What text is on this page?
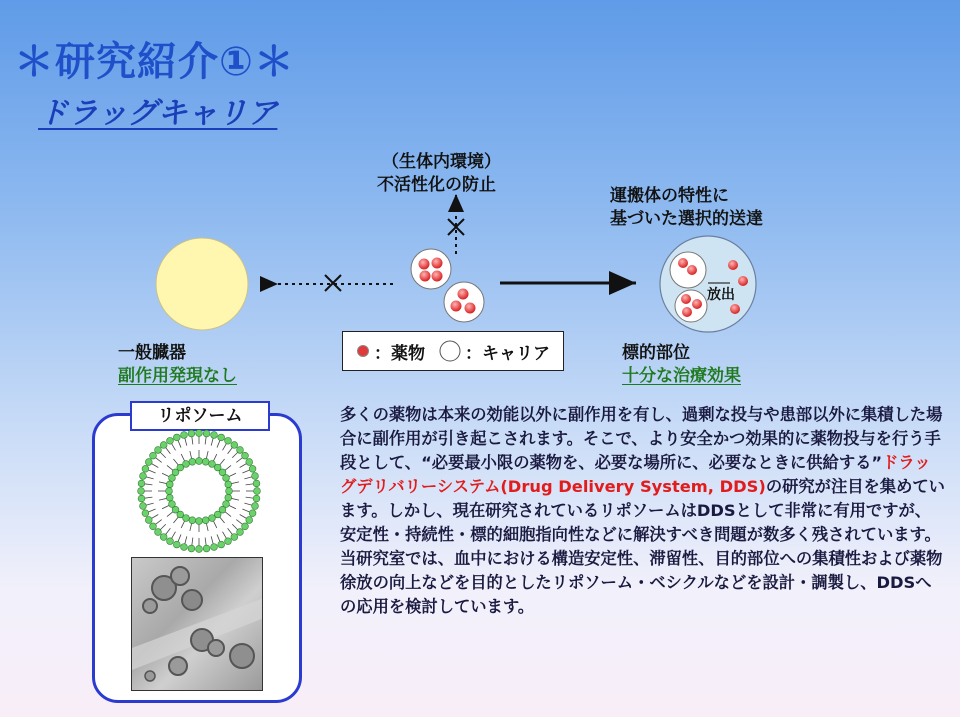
＊研究紹介①＊
ドラッグキャリア
（生体内環境）
不活性化の防止
運搬体の特性に
基づいた選択的送達
放出
一般臓器
副作用発現なし
標的部位
十分な治療効果
：薬物 ：キャリア
リポソーム	多くの薬物は本来の効能以外に副作用を有し、過剰な投与や患部以外に集積した場合に副作用が引き起こされます。そこで、より安全かつ効果的に薬物投与を行う手段として、“必要最小限の薬物を、必要な場所に、必要なときに供給する”ドラッグデリバリーシステム(Drug Delivery System, DDS)の研究が注目を集めています。しかし、現在研究されているリポソームはDDSとして非常に有用ですが、安定性・持続性・標的細胞指向性などに解決すべき問題が数多く残されています。当研究室では、血中における構造安定性、滞留性、目的部位への集積性および薬物徐放の向上などを目的としたリポソーム・ベシクルなどを設計・調製し、DDSへの応用を検討しています。
